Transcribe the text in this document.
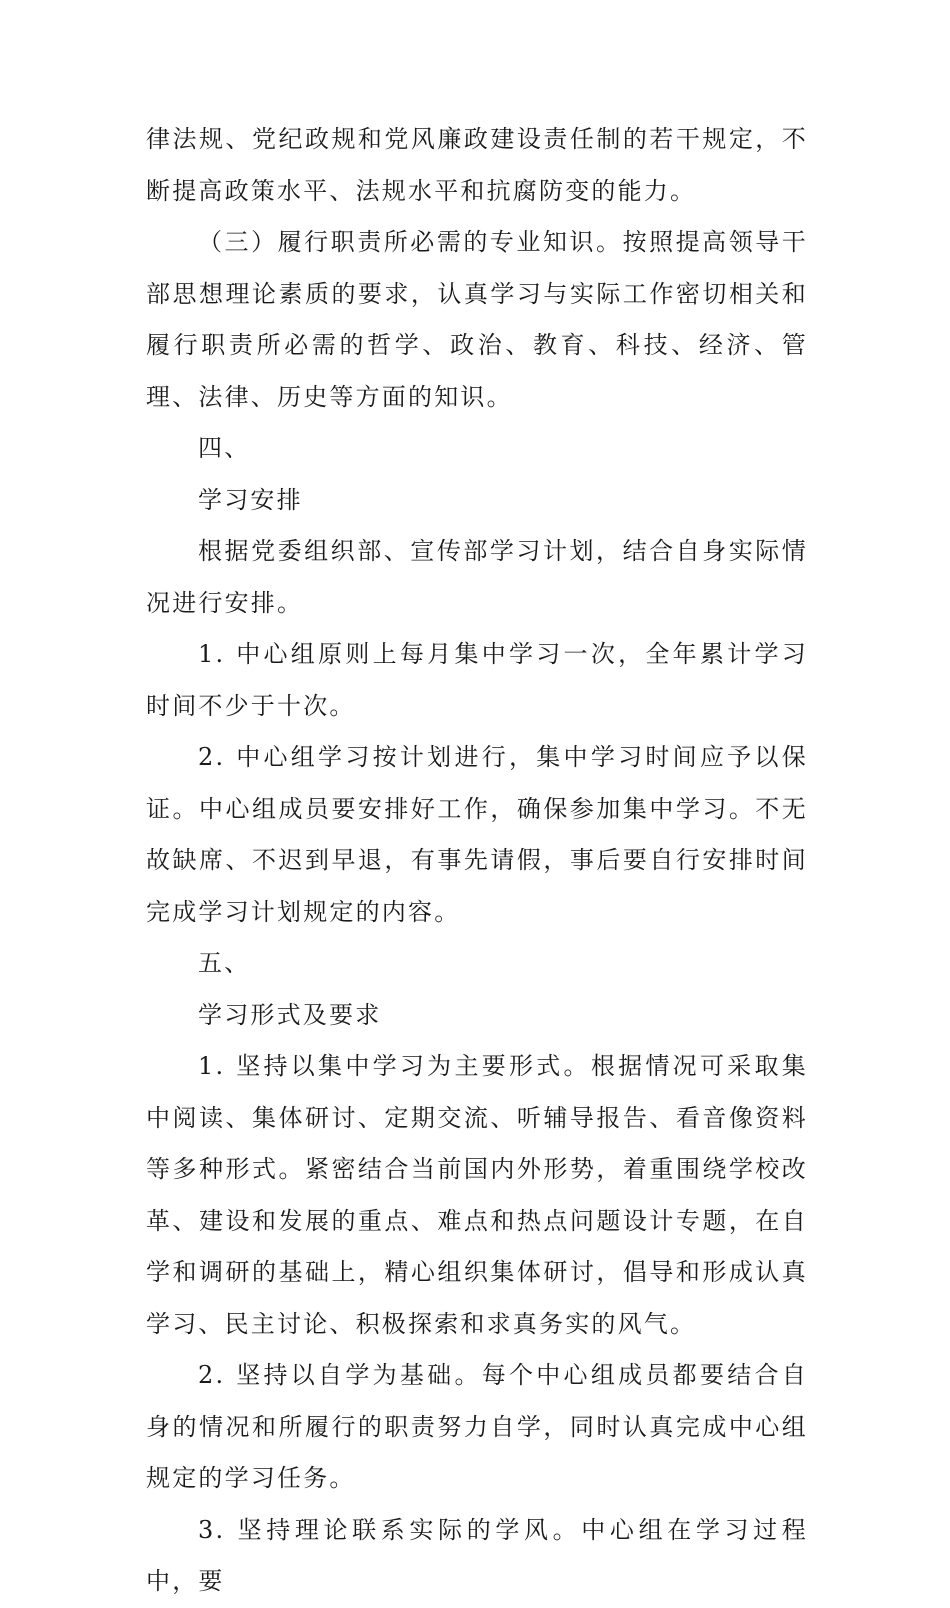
律法规、党纪政规和党风廉政建设责任制的若干规定，不断提高政策水平、法规水平和抗腐防变的能力。

（三）履行职责所必需的专业知识。按照提高领导干部思想理论素质的要求，认真学习与实际工作密切相关和履行职责所必需的哲学、政治、教育、科技、经济、管理、法律、历史等方面的知识。

四、

学习安排

根据党委组织部、宣传部学习计划，结合自身实际情况进行安排。

1. 中心组原则上每月集中学习一次，全年累计学习时间不少于十次。

2. 中心组学习按计划进行，集中学习时间应予以保证。中心组成员要安排好工作，确保参加集中学习。不无故缺席、不迟到早退，有事先请假，事后要自行安排时间完成学习计划规定的内容。

五、

学习形式及要求

1. 坚持以集中学习为主要形式。根据情况可采取集中阅读、集体研讨、定期交流、听辅导报告、看音像资料等多种形式。紧密结合当前国内外形势，着重围绕学校改革、建设和发展的重点、难点和热点问题设计专题，在自学和调研的基础上，精心组织集体研讨，倡导和形成认真学习、民主讨论、积极探索和求真务实的风气。

2. 坚持以自学为基础。每个中心组成员都要结合自身的情况和所履行的职责努力自学，同时认真完成中心组规定的学习任务。

3. 坚持理论联系实际的学风。中心组在学习过程中，要
